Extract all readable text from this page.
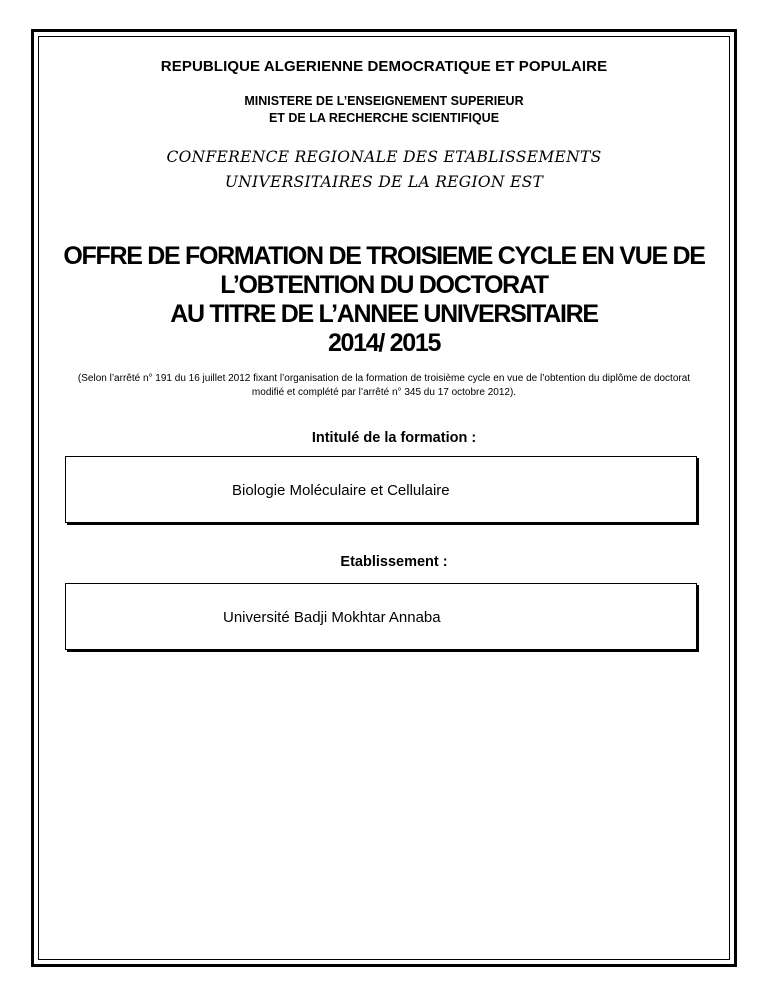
REPUBLIQUE ALGERIENNE DEMOCRATIQUE ET POPULAIRE
MINISTERE DE L’ENSEIGNEMENT SUPERIEUR
ET DE LA RECHERCHE SCIENTIFIQUE
CONFERENCE REGIONALE DES ETABLISSEMENTS
UNIVERSITAIRES DE LA REGION EST
OFFRE DE FORMATION DE TROISIEME CYCLE EN VUE DE
L’OBTENTION DU DOCTORAT
AU TITRE DE L’ANNEE UNIVERSITAIRE
2014/ 2015
(Selon l’arrêté n° 191 du 16 juillet 2012 fixant l’organisation de la formation de troisième cycle en vue de l’obtention du diplôme de doctorat modifié et complété par l’arrêté n° 345 du 17 octobre 2012).
Intitulé de la formation :
Biologie Moléculaire et Cellulaire
Etablissement :
Université Badji Mokhtar Annaba
